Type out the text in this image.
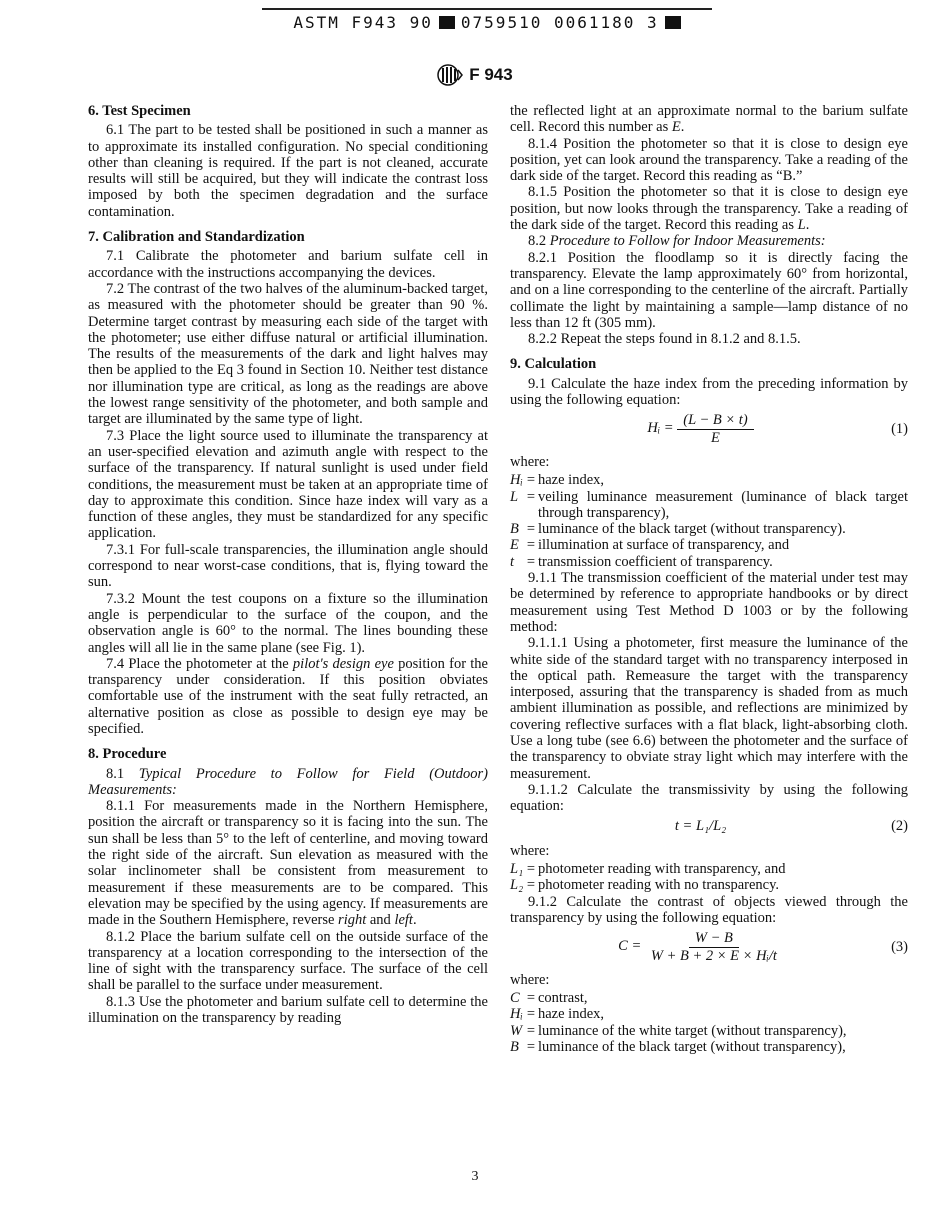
ASTM F943 90 0759510 0061180 3
F 943

6. Test Specimen

6.1 The part to be tested shall be positioned in such a manner as to approximate its installed configuration. No special conditioning other than cleaning is required. If the part is not cleaned, accurate results will still be acquired, but they will indicate the contrast loss imposed by both the specimen degradation and the surface contamination.

7. Calibration and Standardization

7.1 Calibrate the photometer and barium sulfate cell in accordance with the instructions accompanying the devices.

7.2 The contrast of the two halves of the aluminum-backed target, as measured with the photometer should be greater than 90 %. Determine target contrast by measuring each side of the target with the photometer; use either diffuse natural or artificial illumination. The results of the measurements of the dark and light halves may then be applied to the Eq 3 found in Section 10. Neither test distance nor illumination type are critical, as long as the readings are above the lowest range sensitivity of the photometer, and both sample and target are illuminated by the same type of light.

7.3 Place the light source used to illuminate the transparency at an user-specified elevation and azimuth angle with respect to the surface of the transparency. If natural sunlight is used under field conditions, the measurement must be taken at an appropriate time of day to approximate this condition. Since haze index will vary as a function of these angles, they must be standardized for any specific application.

7.3.1 For full-scale transparencies, the illumination angle should correspond to near worst-case conditions, that is, flying toward the sun.

7.3.2 Mount the test coupons on a fixture so the illumination angle is perpendicular to the surface of the coupon, and the observation angle is 60° to the normal. The lines bounding these angles will all lie in the same plane (see Fig. 1).

7.4 Place the photometer at the pilot's design eye position for the transparency under consideration. If this position obviates comfortable use of the instrument with the seat fully retracted, an alternative position as close as possible to design eye may be specified.

8. Procedure

8.1 Typical Procedure to Follow for Field (Outdoor) Measurements:

8.1.1 For measurements made in the Northern Hemisphere, position the aircraft or transparency so it is facing into the sun. The sun shall be less than 5° to the left of centerline, and moving toward the right side of the aircraft. Sun elevation as measured with the solar inclinometer shall be consistent from measurement to measurement if these measurements are to be compared. This elevation may be specified by the using agency. If measurements are made in the Southern Hemisphere, reverse right and left.

8.1.2 Place the barium sulfate cell on the outside surface of the transparency at a location corresponding to the intersection of the line of sight with the transparency surface. The surface of the cell shall be parallel to the surface under measurement.

8.1.3 Use the photometer and barium sulfate cell to determine the illumination on the transparency by reading

the reflected light at an approximate normal to the barium sulfate cell. Record this number as E.

8.1.4 Position the photometer so that it is close to design eye position, yet can look around the transparency. Take a reading of the dark side of the target. Record this reading as “B.”

8.1.5 Position the photometer so that it is close to design eye position, but now looks through the transparency. Take a reading of the dark side of the target. Record this reading as L.

8.2 Procedure to Follow for Indoor Measurements:

8.2.1 Position the floodlamp so it is directly facing the transparency. Elevate the lamp approximately 60° from horizontal, and on a line corresponding to the centerline of the aircraft. Partially collimate the light by maintaining a sample—lamp distance of no less than 12 ft (305 mm).

8.2.2 Repeat the steps found in 8.1.2 and 8.1.5.

9. Calculation

9.1 Calculate the haze index from the preceding information by using the following equation:

Hᵢ = $\frac{(L - B \times t)}{E}$	(1)

where:

Hᵢ = haze index,
L = veiling luminance measurement (luminance of black target through transparency),
B = luminance of the black target (without transparency).
E = illumination at surface of transparency, and
t = transmission coefficient of transparency.

9.1.1 The transmission coefficient of the material under test may be determined by reference to appropriate handbooks or by direct measurement using Test Method D 1003 or by the following method:

9.1.1.1 Using a photometer, first measure the luminance of the white side of the standard target with no transparency interposed in the optical path. Remeasure the target with the transparency interposed, assuring that the transparency is shaded from as much ambient illumination as possible, and reflections are minimized by covering reflective surfaces with a flat black, light-absorbing cloth. Use a long tube (see 6.6) between the photometer and the surface of the transparency to obviate stray light which may interfere with the measurement.

9.1.1.2 Calculate the transmissivity by using the following equation:

t = L₁/L₂	(2)

where:

L₁ = photometer reading with transparency, and
L₂ = photometer reading with no transparency.

9.1.2 Calculate the contrast of objects viewed through the transparency by using the following equation:

$C = \frac{W - B}{\text{W + B + 2 × E × Hᵢ/t}}$	(3)

where:

C = contrast,
Hᵢ = haze index,
W = luminance of the white target (without transparency),
B = luminance of the black target (without transparency),
3
